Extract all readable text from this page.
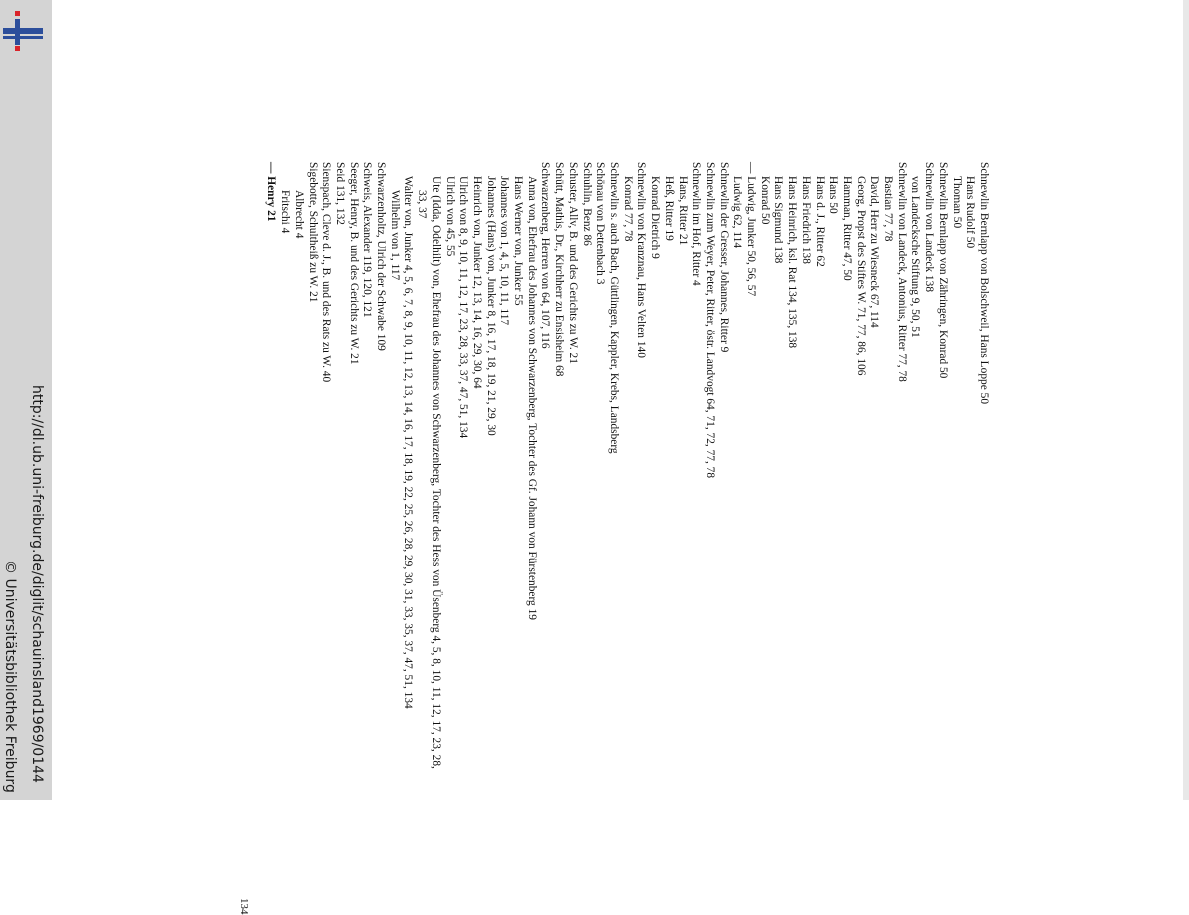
http://dl.ub.uni-freiburg.de/diglit/schauinsland1969/0144
© Universitätsbibliothek Freiburg
Schnewlin Bernlapp von Bolschweil, Hans Loppe 50
Hans Rudolf 50
Thoman 50
Schnewlin Bernlapp von Zähringen, Konrad 50
Schnewlin von Landeck 138
von Landecksche Stiftung 9, 50, 51
Schnewlin von Landeck, Antonius, Ritter 77, 78
Bastian 77, 78
David, Herr zu Wiesneck 67, 114
Georg, Propst des Stiftes W. 71, 77, 86, 106
Hamman, Ritter 47, 50
Hans 50
Hans d. J., Ritter 62
Hans Friedrich 138
Hans Heinrich, ksl. Rat 134, 135, 138
Hans Sigmund 138
Konrad 50
— Ludwig, Junker 50, 56, 57
Ludwig 62, 114
Schnewlin der Gresser, Johannes, Ritter 9
Schnewlin zum Weyer, Peter, Ritter, östr. Landvogt 64, 71, 72, 77, 78
Schnewlin im Hof, Ritter 4
Hans, Ritter 21
Heß, Ritter 19
Konrad Dietrich 9
Schnewlin von Kranznau, Hans Velten 140
Konrad 77, 78
Schnewlin s. auch Bach, Güttlingen, Kappler, Krebs, Landsberg
Schönau von Dettenbach 3
Schuhlin, Benz 86
Schuster, Allv, B. und des Gerichts zu W. 21
Schütt, Mathis, Dr., Kirchherr zu Ensisheim 68
Schwarzenberg, Herren von 64, 107, 116
Anna von, Ehefrau des Johannes von Schwarzenberg, Tochter des Gf. Johann von Fürstenberg 19
Hans Werner von, Junker 55
Johannes von 1, 4, 5, 10, 11, 117
Johannes (Hans) von, Junker 8, 16, 17, 18, 19, 21, 29, 30
Heinrich von, Junker 12, 13, 14, 16, 29, 30, 64
Ulrich von 8, 9, 10, 11, 12, 17, 23, 28, 33, 37, 47, 51, 134
Ulrich von 45, 55
Ute (Idda, Odelhilt) von, Ehefrau des Johannes von Schwarzenberg, Tochter des Hess von Üsenberg 4, 5, 8, 10, 11, 12, 17, 23, 28, 33, 37
Walter von, Junker 4, 5, 6, 7, 8, 9, 10, 11, 12, 13, 14, 16, 17, 18, 19, 22, 25, 26, 28, 29, 30, 31, 33, 35, 37, 47, 51, 134
Wilhelm von 1, 117
Schwarzenholtz, Ulrich der Schwabe 109
Schweis, Alexander 119, 120, 121
Seeger, Henry, B. und des Gerichts zu W. 21
Seid 131, 132
Sienspach, Cleve d. J., B. und des Rats zu W. 40
Sigebotte, Schultheiß zu W. 21
Albrecht 4
Fritschi 4
— Henry 21
134
